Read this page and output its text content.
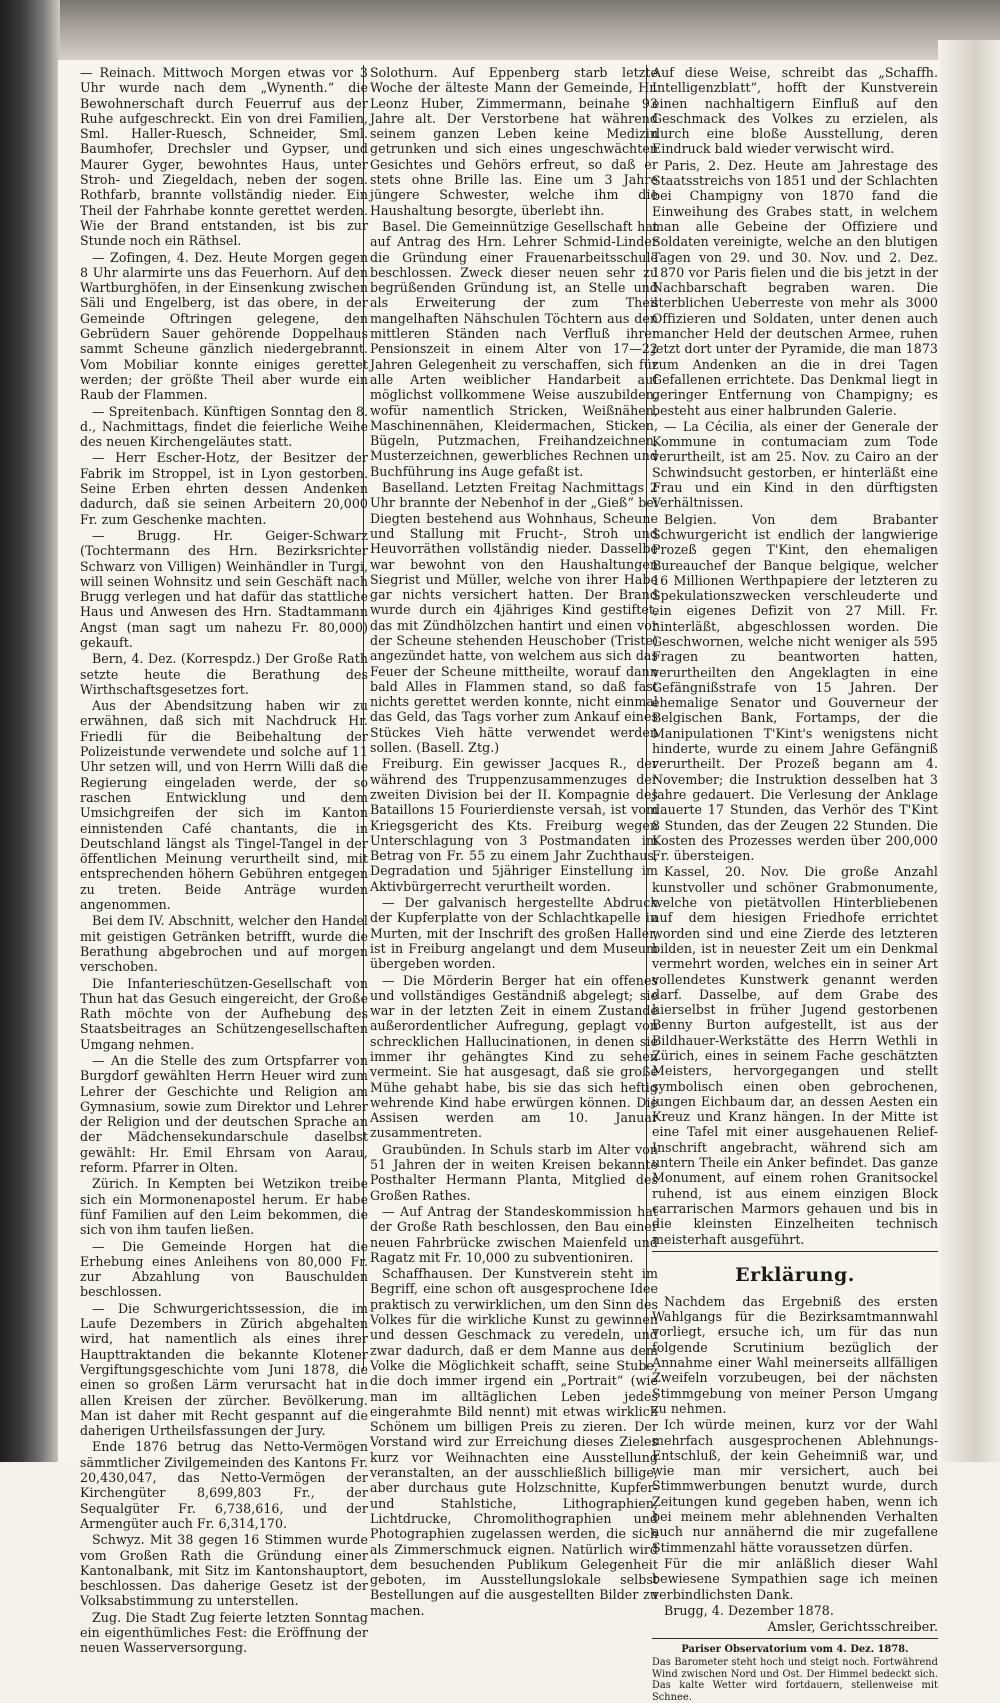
— Reinach. Mittwoch Morgen etwas vor 3 Uhr wurde nach dem „Wynenth.“ die Bewohnerschaft durch Feuerruf aus der Ruhe aufgeschreckt. Ein von drei Familien, Sml. Haller-Ruesch, Schneider, Sml. Baumhofer, Drechsler und Gypser, und Maurer Gyger, bewohntes Haus, unter Stroh- und Ziegeldach, neben der sogen. Rothfarb, brannte vollständig nieder. Ein Theil der Fahrhabe konnte gerettet werden. Wie der Brand entstanden, ist bis zur Stunde noch ein Räthsel.

— Zofingen, 4. Dez. Heute Morgen gegen 8 Uhr alarmirte uns das Feuerhorn. Auf den Wartburghöfen, in der Einsenkung zwischen Säli und Engelberg, ist das obere, in der Gemeinde Oftringen gelegene, den Gebrüdern Sauer gehörende Doppelhaus sammt Scheune gänzlich niedergebrannt. Vom Mobiliar konnte einiges gerettet werden; der größte Theil aber wurde ein Raub der Flammen.

— Spreitenbach. Künftigen Sonntag den 8. d., Nachmittags, findet die feierliche Weihe des neuen Kirchengeläutes statt.

— Herr Escher-Hotz, der Besitzer der Fabrik im Stroppel, ist in Lyon gestorben. Seine Erben ehrten dessen Andenken dadurch, daß sie seinen Arbeitern 20,000 Fr. zum Geschenke machten.

— Brugg. Hr. Geiger-Schwarz (Tochtermann des Hrn. Bezirksrichter Schwarz von Villigen) Weinhändler in Turgi, will seinen Wohnsitz und sein Geschäft nach Brugg verlegen und hat dafür das stattliche Haus und Anwesen des Hrn. Stadtammann Angst (man sagt um nahezu Fr. 80,000) gekauft.

Bern, 4. Dez. (Korrespdz.) Der Große Rath setzte heute die Berathung des Wirthschaftsgesetzes fort.

Aus der Abendsitzung haben wir zu erwähnen, daß sich mit Nachdruck Hr. Friedli für die Beibehaltung der Polizeistunde verwendete und solche auf 11 Uhr setzen will, und von Herrn Willi daß die Regierung eingeladen werde, der so raschen Entwicklung und dem Umsichgreifen der sich im Kanton einnistenden Café chantants, die in Deutschland längst als Tingel-Tangel in der öffentlichen Meinung verurtheilt sind, mit entsprechenden höhern Gebühren entgegen zu treten. Beide Anträge wurden angenommen.

Bei dem IV. Abschnitt, welcher den Handel mit geistigen Getränken betrifft, wurde die Berathung abgebrochen und auf morgen verschoben.

Die Infanterieschützen-Gesellschaft von Thun hat das Gesuch eingereicht, der Große Rath möchte von der Aufhebung des Staatsbeitrages an Schützengesellschaften Umgang nehmen.

— An die Stelle des zum Ortspfarrer von Burgdorf gewählten Herrn Heuer wird zum Lehrer der Geschichte und Religion am Gymnasium, sowie zum Direktor und Lehrer der Religion und der deutschen Sprache an der Mädchensekundarschule daselbst gewählt: Hr. Emil Ehrsam von Aarau, reform. Pfarrer in Olten.

Zürich. In Kempten bei Wetzikon treibe sich ein Mormonenapostel herum. Er habe fünf Familien auf den Leim bekommen, die sich von ihm taufen ließen.

— Die Gemeinde Horgen hat die Erhebung eines Anleihens von 80,000 Fr. zur Abzahlung von Bauschulden beschlossen.

— Die Schwurgerichtssession, die im Laufe Dezembers in Zürich abgehalten wird, hat namentlich als eines ihrer Haupttraktanden die bekannte Klotener Vergiftungsgeschichte vom Juni 1878, die einen so großen Lärm verursacht hat in allen Kreisen der zürcher. Bevölkerung. Man ist daher mit Recht gespannt auf die daherigen Urtheilsfassungen der Jury.

Ende 1876 betrug das Netto-Vermögen sämmtlicher Zivilgemeinden des Kantons Fr. 20,430,047, das Netto-Vermögen der Kirchengüter 8,699,803 Fr., der Sequalgüter Fr. 6,738,616, und der Armengüter auch Fr. 6,314,170.

Schwyz. Mit 38 gegen 16 Stimmen wurde vom Großen Rath die Gründung einer Kantonalbank, mit Sitz im Kantonshauptort, beschlossen. Das daherige Gesetz ist der Volksabstimmung zu unterstellen.

Zug. Die Stadt Zug feierte letzten Sonntag ein eigenthümliches Fest: die Eröffnung der neuen Wasserversorgung.

Solothurn. Auf Eppenberg starb letzte Woche der älteste Mann der Gemeinde, Hr. Leonz Huber, Zimmermann, beinahe 93 Jahre alt. Der Verstorbene hat während seinem ganzen Leben keine Medizin getrunken und sich eines ungeschwächten Gesichtes und Gehörs erfreut, so daß er stets ohne Brille las. Eine um 3 Jahre jüngere Schwester, welche ihm die Haushaltung besorgte, überlebt ihn.

Basel. Die Gemeinnützige Gesellschaft hat auf Antrag des Hrn. Lehrer Schmid-Linder die Gründung einer Frauenarbeitsschule beschlossen. Zweck dieser neuen sehr zu begrüßenden Gründung ist, an Stelle und als Erweiterung der zum Theil mangelhaften Nähschulen Töchtern aus den mittleren Ständen nach Verfluß ihrer Pensionszeit in einem Alter von 17—22 Jahren Gelegenheit zu verschaffen, sich für alle Arten weiblicher Handarbeit auf möglichst vollkommene Weise auszubilden, wofür namentlich Stricken, Weißnähen, Maschinennähen, Kleidermachen, Sticken, Bügeln, Putzmachen, Freihandzeichnen, Musterzeichnen, gewerbliches Rechnen und Buchführung ins Auge gefaßt ist.

Baselland. Letzten Freitag Nachmittags 2 Uhr brannte der Nebenhof in der „Gieß“ bei Diegten bestehend aus Wohnhaus, Scheune und Stallung mit Frucht-, Stroh und Heuvorräthen vollständig nieder. Dasselbe war bewohnt von den Haushaltungen Siegrist und Müller, welche von ihrer Habe gar nichts versichert hatten. Der Brand wurde durch ein 4jähriges Kind gestiftet, das mit Zündhölzchen hantirt und einen vor der Scheune stehenden Heuschober (Triste) angezündet hatte, von welchem aus sich das Feuer der Scheune mittheilte, worauf dann bald Alles in Flammen stand, so daß fast nichts gerettet werden konnte, nicht einmal das Geld, das Tags vorher zum Ankauf eines Stückes Vieh hätte verwendet werden sollen. (Basell. Ztg.)

Freiburg. Ein gewisser Jacques R., der während des Truppenzusammenzuges der zweiten Division bei der II. Kompagnie des Bataillons 15 Fourierdienste versah, ist vom Kriegsgericht des Kts. Freiburg wegen Unterschlagung von 3 Postmandaten im Betrag von Fr. 55 zu einem Jahr Zuchthaus, Degradation und 5jähriger Einstellung im Aktivbürgerrecht verurtheilt worden.

— Der galvanisch hergestellte Abdruck der Kupferplatte von der Schlachtkapelle in Murten, mit der Inschrift des großen Haller, ist in Freiburg angelangt und dem Museum übergeben worden.

— Die Mörderin Berger hat ein offenes und vollständiges Geständniß abgelegt; sie war in der letzten Zeit in einem Zustande außerordentlicher Aufregung, geplagt von schrecklichen Hallucinationen, in denen sie immer ihr gehängtes Kind zu sehen vermeint. Sie hat ausgesagt, daß sie große Mühe gehabt habe, bis sie das sich heftig wehrende Kind habe erwürgen können. Die Assisen werden am 10. Januar zusammentreten.

Graubünden. In Schuls starb im Alter von 51 Jahren der in weiten Kreisen bekannte Posthalter Hermann Planta, Mitglied des Großen Rathes.

— Auf Antrag der Standeskommission hat der Große Rath beschlossen, den Bau einer neuen Fahrbrücke zwischen Maienfeld und Ragatz mit Fr. 10,000 zu subventioniren.

Schaffhausen. Der Kunstverein steht im Begriff, eine schon oft ausgesprochene Idee praktisch zu verwirklichen, um den Sinn des Volkes für die wirkliche Kunst zu gewinnen und dessen Geschmack zu veredeln, und zwar dadurch, daß er dem Manne aus dem Volke die Möglichkeit schafft, seine Stube, die doch immer irgend ein „Portrait“ (wie man im alltäglichen Leben jedes eingerahmte Bild nennt) mit etwas wirklich Schönem um billigen Preis zu zieren. Der Vorstand wird zur Erreichung dieses Zieles kurz vor Weihnachten eine Ausstellung veranstalten, an der ausschließlich billige, aber durchaus gute Holzschnitte, Kupfer- und Stahlstiche, Lithographien, Lichtdrucke, Chromolithographien und Photographien zugelassen werden, die sich als Zimmerschmuck eignen. Natürlich wird dem besuchenden Publikum Gelegenheit geboten, im Ausstellungslokale selbst Bestellungen auf die ausgestellten Bilder zu machen.

Auf diese Weise, schreibt das „Schaffh. Intelligenzblatt“, hofft der Kunstverein einen nachhaltigern Einfluß auf den Geschmack des Volkes zu erzielen, als durch eine bloße Ausstellung, deren Eindruck bald wieder verwischt wird.

Paris, 2. Dez. Heute am Jahrestage des Staatsstreichs von 1851 und der Schlachten bei Champigny von 1870 fand die Einweihung des Grabes statt, in welchem man alle Gebeine der Offiziere und Soldaten vereinigte, welche an den blutigen Tagen von 29. und 30. Nov. und 2. Dez. 1870 vor Paris fielen und die bis jetzt in der Nachbarschaft begraben waren. Die sterblichen Ueberreste von mehr als 3000 Offizieren und Soldaten, unter denen auch mancher Held der deutschen Armee, ruhen jetzt dort unter der Pyramide, die man 1873 zum Andenken an die in drei Tagen Gefallenen errichtete. Das Denkmal liegt in geringer Entfernung von Champigny; es besteht aus einer halbrunden Galerie.

— La Cécilia, als einer der Generale der Kommune in contumaciam zum Tode verurtheilt, ist am 25. Nov. zu Cairo an der Schwindsucht gestorben, er hinterläßt eine Frau und ein Kind in den dürftigsten Verhältnissen.

Belgien. Von dem Brabanter Schwurgericht ist endlich der langwierige Prozeß gegen T'Kint, den ehemaligen Bureauchef der Banque belgique, welcher 16 Millionen Werthpapiere der letzteren zu Spekulationszwecken verschleuderte und ein eigenes Defizit von 27 Mill. Fr. hinterläßt, abgeschlossen worden. Die Geschwornen, welche nicht weniger als 595 Fragen zu beantworten hatten, verurtheilten den Angeklagten in eine Gefängnißstrafe von 15 Jahren. Der ehemalige Senator und Gouverneur der Belgischen Bank, Fortamps, der die Manipulationen T'Kint's wenigstens nicht hinderte, wurde zu einem Jahre Gefängniß verurtheilt. Der Prozeß begann am 4. November; die Instruktion desselben hat 3 Jahre gedauert. Die Verlesung der Anklage dauerte 17 Stunden, das Verhör des T'Kint 8 Stunden, das der Zeugen 22 Stunden. Die Kosten des Prozesses werden über 200,000 Fr. übersteigen.

Kassel, 20. Nov. Die große Anzahl kunstvoller und schöner Grabmonumente, welche von pietätvollen Hinterbliebenen auf dem hiesigen Friedhofe errichtet worden sind und eine Zierde des letzteren bilden, ist in neuester Zeit um ein Denkmal vermehrt worden, welches ein in seiner Art vollendetes Kunstwerk genannt werden darf. Dasselbe, auf dem Grabe des hierselbst in früher Jugend gestorbenen Benny Burton aufgestellt, ist aus der Bildhauer-Werkstätte des Herrn Wethli in Zürich, eines in seinem Fache geschätzten Meisters, hervorgegangen und stellt symbolisch einen oben gebrochenen, jungen Eichbaum dar, an dessen Aesten ein Kreuz und Kranz hängen. In der Mitte ist eine Tafel mit einer ausgehauenen Relief-Inschrift angebracht, während sich am untern Theile ein Anker befindet. Das ganze Monument, auf einem rohen Granitsockel ruhend, ist aus einem einzigen Block carrarischen Marmors gehauen und bis in die kleinsten Einzelheiten technisch meisterhaft ausgeführt.

Erklärung.

Nachdem das Ergebniß des ersten Wahlgangs für die Bezirksamtmannwahl vorliegt, ersuche ich, um für das nun folgende Scrutinium bezüglich der Annahme einer Wahl meinerseits allfälligen Zweifeln vorzubeugen, bei der nächsten Stimmgebung von meiner Person Umgang zu nehmen.

Ich würde meinen, kurz vor der Wahl mehrfach ausgesprochenen Ablehnungs-Entschluß, der kein Geheimniß war, und wie man mir versichert, auch bei Stimmwerbungen benutzt wurde, durch Zeitungen kund gegeben haben, wenn ich bei meinem mehr ablehnenden Verhalten auch nur annähernd die mir zugefallene Stimmenzahl hätte voraussetzen dürfen.

Für die mir anläßlich dieser Wahl bewiesene Sympathien sage ich meinen verbindlichsten Dank.

Brugg, 4. Dezember 1878.

Amsler, Gerichtsschreiber.

Pariser Observatorium vom 4. Dez. 1878.

Das Barometer steht hoch und steigt noch. Fortwährend Wind zwischen Nord und Ost. Der Himmel bedeckt sich. Das kalte Wetter wird fortdauern, stellenweise mit Schnee.
